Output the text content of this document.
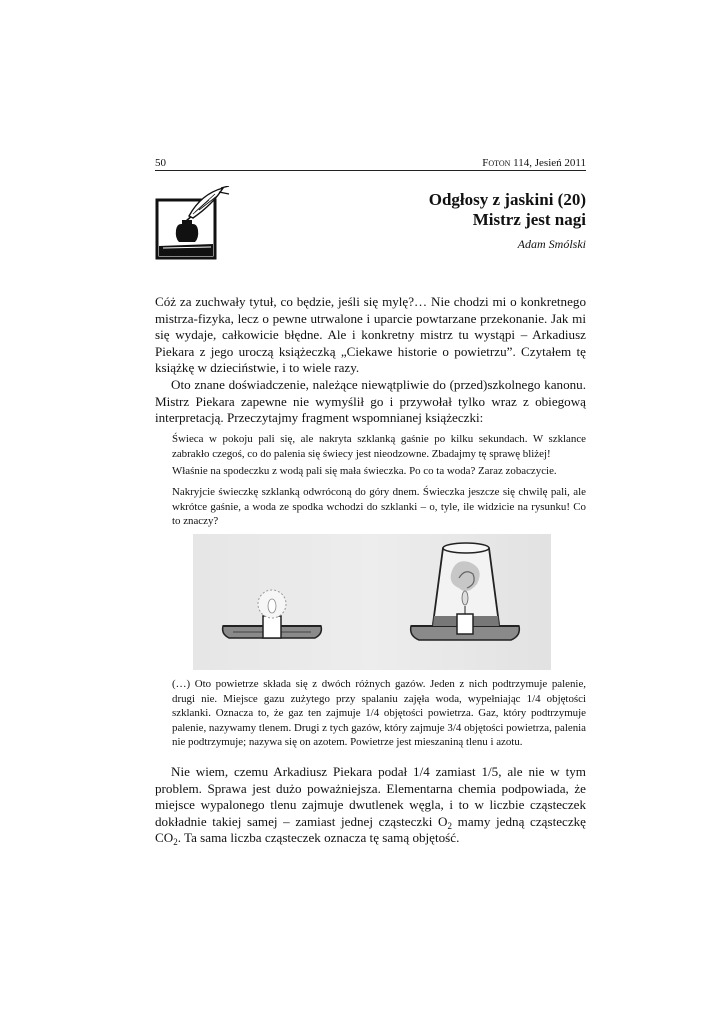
50	Foton 114, Jesień 2011
Odgłosy z jaskini (20)
Mistrz jest nagi
Adam Smólski
Cóż za zuchwały tytuł, co będzie, jeśli się mylę?… Nie chodzi mi o konkretnego mistrza-fizyka, lecz o pewne utrwalone i uparcie powtarzane przekonanie. Jak mi się wydaje, całkowicie błędne. Ale i konkretny mistrz tu wystąpi – Arkadiusz Piekara z jego uroczą książeczką „Ciekawe historie o powietrzu”. Czytałem tę książkę w dzieciństwie, i to wiele razy.
Oto znane doświadczenie, należące niewątpliwie do (przed)szkolnego kanonu. Mistrz Piekara zapewne nie wymyślił go i przywołał tylko wraz z obiegową interpretacją. Przeczytajmy fragment wspomnianej książeczki:
Świeca w pokoju pali się, ale nakryta szklanką gaśnie po kilku sekundach. W szklance zabrakło czegoś, co do palenia się świecy jest nieodzowne. Zbadajmy tę sprawę bliżej!
Właśnie na spodeczku z wodą pali się mała świeczka. Po co ta woda? Zaraz zobaczycie.
Nakryjcie świeczkę szklanką odwróconą do góry dnem. Świeczka jeszcze się chwilę pali, ale wkrótce gaśnie, a woda ze spodka wchodzi do szklanki – o, tyle, ile widzicie na rysunku! Co to znaczy?
(…) Oto powietrze składa się z dwóch różnych gazów. Jeden z nich podtrzymuje palenie, drugi nie. Miejsce gazu zużytego przy spalaniu zajęła woda, wypełniając 1/4 objętości szklanki. Oznacza to, że gaz ten zajmuje 1/4 objętości powietrza. Gaz, który podtrzymuje palenie, nazywamy tlenem. Drugi z tych gazów, który zajmuje 3/4 objętości powietrza, palenia nie podtrzymuje; nazywa się on azotem. Powietrze jest mieszaniną tlenu i azotu.
Nie wiem, czemu Arkadiusz Piekara podał 1/4 zamiast 1/5, ale nie w tym problem. Sprawa jest dużo poważniejsza. Elementarna chemia podpowiada, że miejsce wypalonego tlenu zajmuje dwutlenek węgla, i to w liczbie cząsteczek dokładnie takiej samej – zamiast jednej cząsteczki $O_2$ mamy jedną cząsteczkę $CO_2$. Ta sama liczba cząsteczek oznacza tę samą objętość.
